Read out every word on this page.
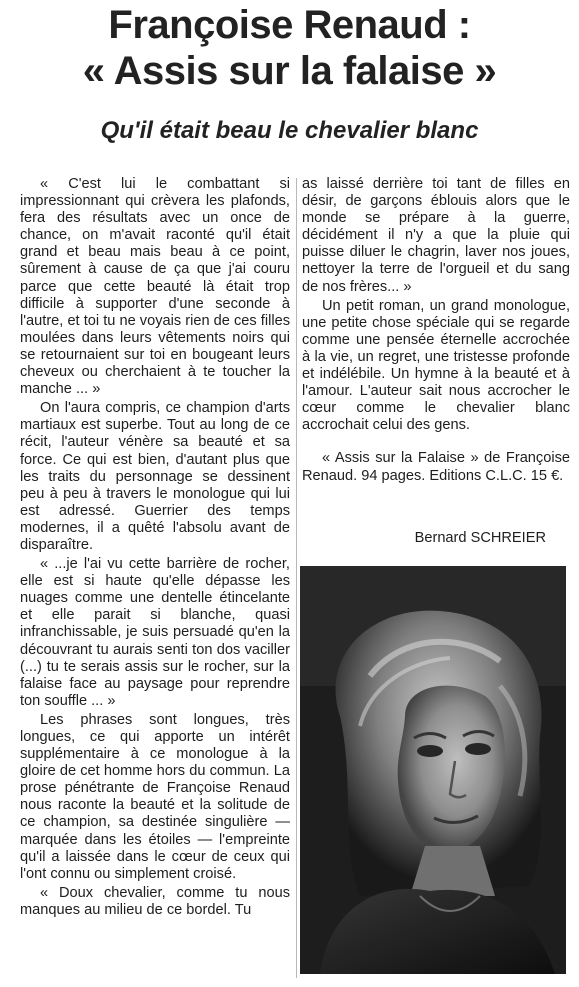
Françoise Renaud :
« Assis sur la falaise »
Qu'il était beau le chevalier blanc

« C'est lui le combattant si impressionnant qui crèvera les plafonds, fera des résultats avec un once de chance, on m'avait raconté qu'il était grand et beau mais beau à ce point, sûrement à cause de ça que j'ai couru parce que cette beauté là était trop difficile à supporter d'une seconde à l'autre, et toi tu ne voyais rien de ces filles moulées dans leurs vêtements noirs qui se retournaient sur toi en bougeant leurs cheveux ou cherchaient à te toucher la manche ... »

On l'aura compris, ce champion d'arts martiaux est superbe. Tout au long de ce récit, l'auteur vénère sa beauté et sa force. Ce qui est bien, d'autant plus que les traits du personnage se dessinent peu à peu à travers le monologue qui lui est adressé. Guerrier des temps modernes, il a quêté l'absolu avant de disparaître.

« ...je l'ai vu cette barrière de rocher, elle est si haute qu'elle dépasse les nuages comme une dentelle étincelante et elle parait si blanche, quasi infranchissable, je suis persuadé qu'en la découvrant tu aurais senti ton dos vaciller (...) tu te serais assis sur le rocher, sur la falaise face au paysage pour reprendre ton souffle ... »

Les phrases sont longues, très longues, ce qui apporte un intérêt supplémentaire à ce monologue à la gloire de cet homme hors du commun. La prose pénétrante de Françoise Renaud nous raconte la beauté et la solitude de ce champion, sa destinée singulière — marquée dans les étoiles — l'empreinte qu'il a laissée dans le cœur de ceux qui l'ont connu ou simplement croisé.

« Doux chevalier, comme tu nous manques au milieu de ce bordel. Tu

as laissé derrière toi tant de filles en désir, de garçons éblouis alors que le monde se prépare à la guerre, décidément il n'y a que la pluie qui puisse diluer le chagrin, laver nos joues, nettoyer la terre de l'orgueil et du sang de nos frères... »

Un petit roman, un grand monologue, une petite chose spéciale qui se regarde comme une pensée éternelle accrochée à la vie, un regret, une tristesse profonde et indélébile. Un hymne à la beauté et à l'amour. L'auteur sait nous accrocher le cœur comme le chevalier blanc accrochait celui des gens.

« Assis sur la Falaise » de Françoise Renaud. 94 pages. Editions C.L.C. 15 €.

Bernard SCHREIER
